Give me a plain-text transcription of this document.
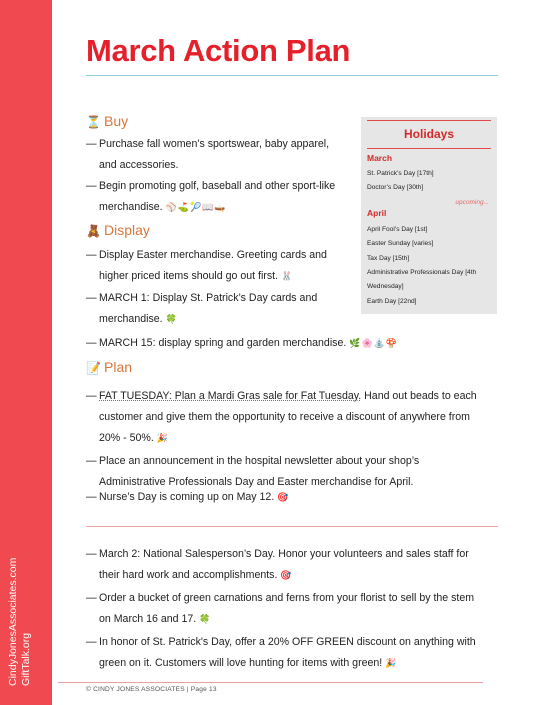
CindyJonesAssociates.com GiftTalk.org
March Action Plan
⏳ Buy
— Purchase fall women’s sportswear, baby apparel,
and accessories.
— Begin promoting golf, baseball and other sport-like
merchandise. ⚾⛳🎾📖🛶
🧸 Display
— Display Easter merchandise. Greeting cards and
higher priced items should go out first. 🐰
— MARCH 1: Display St. Patrick’s Day cards and
merchandise. 🍀
— MARCH 15: display spring and garden merchandise. 🌿🌸⛲🍄
📝 Plan
— FAT TUESDAY: Plan a Mardi Gras sale for Fat Tuesday. Hand out beads to each
customer and give them the opportunity to receive a discount of anywhere from
20% - 50%. 🎉
— Place an announcement in the hospital newsletter about your shop’s
Administrative Professionals Day and Easter merchandise for April.
— Nurse’s Day is coming up on May 12. 🎯
— March 2: National Salesperson’s Day. Honor your volunteers and sales staff for
their hard work and accomplishments. 🎯
— Order a bucket of green carnations and ferns from your florist to sell by the stem
on March 16 and 17. 🍀
— In honor of St. Patrick's Day, offer a 20% OFF GREEN discount on anything with
green on it. Customers will love hunting for items with green! 🎉
Holidays
March
St. Patrick’s Day [17th]
Doctor’s Day [30th]
upcoming...
April
April Fool’s Day [1st]
Easter Sunday [varies]
Tax Day [15th]
Administrative Professionals Day [4th
Wednesday]
Earth Day [22nd]
© CINDY JONES ASSOCIATES | Page 13
